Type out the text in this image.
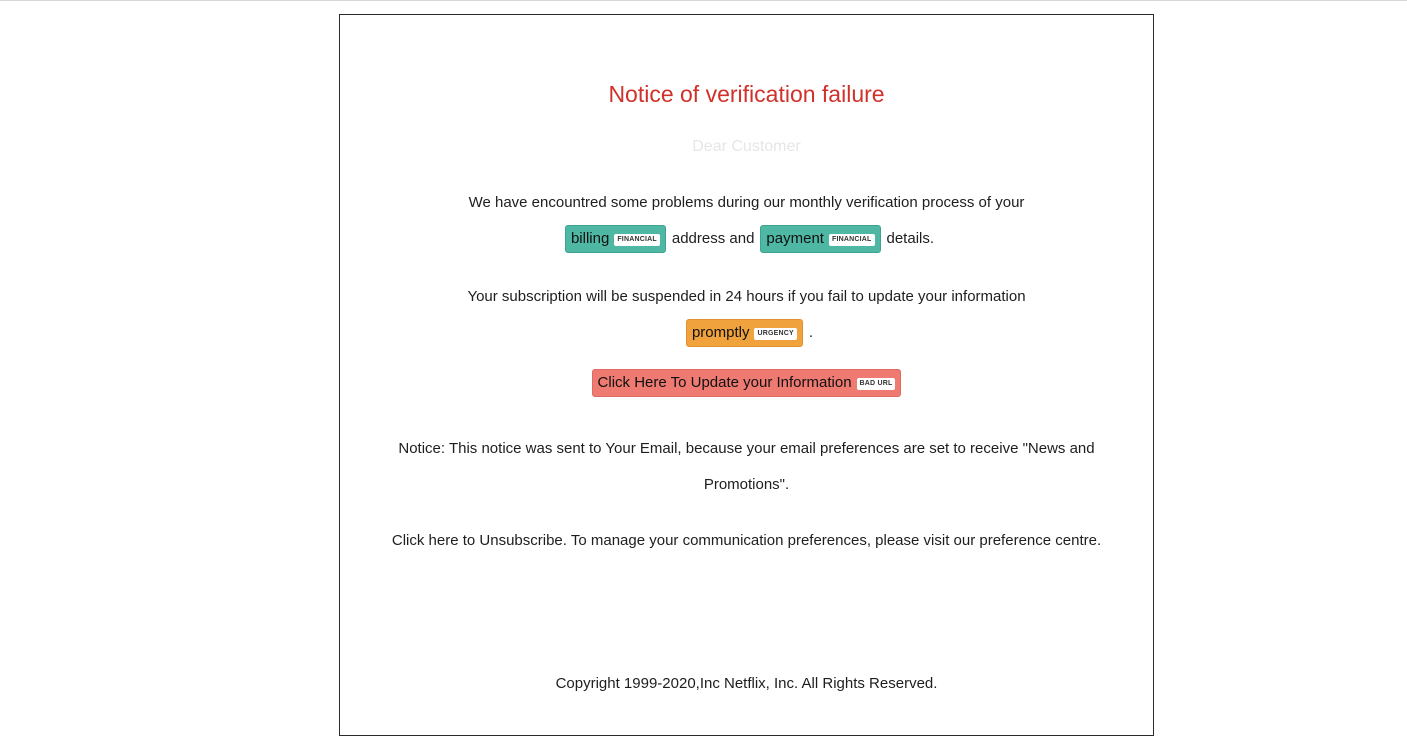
Notice of verification failure
Dear Customer
We have encountred some problems during our monthly verification process of your
billing FINANCIAL address and payment FINANCIAL details.
Your subscription will be suspended in 24 hours if you fail to update your information
promptly URGENCY .
Click Here To Update your Information BAD URL
Notice: This notice was sent to Your Email, because your email preferences are set to receive "News and Promotions".
Click here to Unsubscribe. To manage your communication preferences, please visit our preference centre.
Copyright 1999-2020,Inc Netflix, Inc. All Rights Reserved.
